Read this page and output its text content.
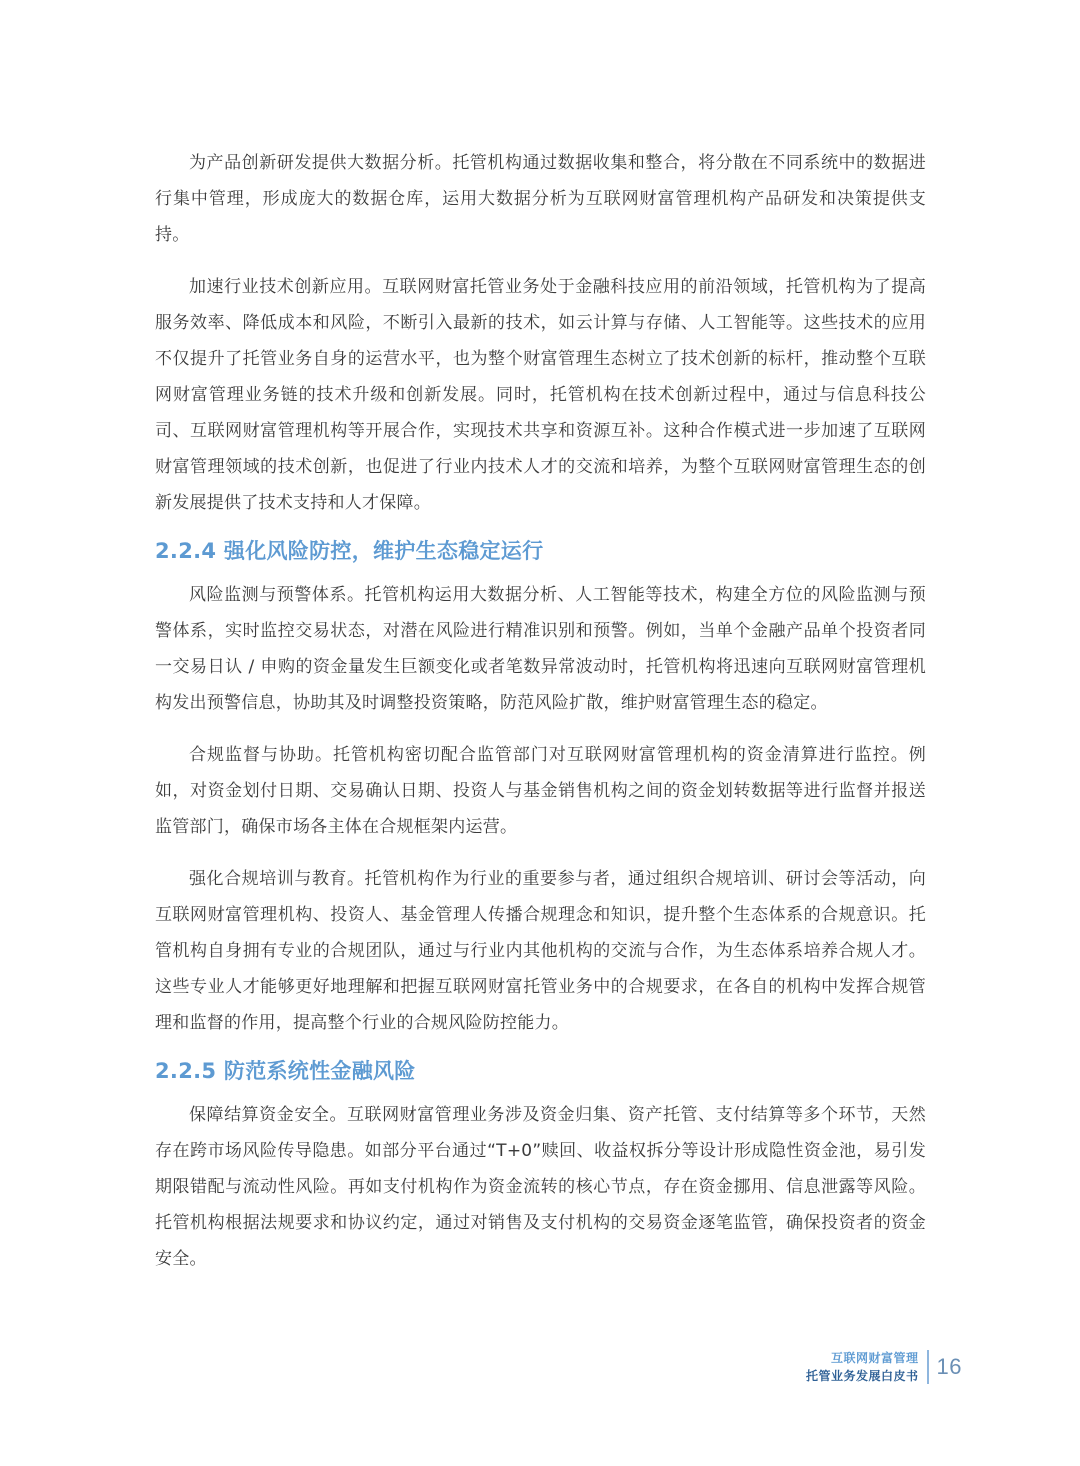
为产品创新研发提供大数据分析。托管机构通过数据收集和整合，将分散在不同系统中的数据进行集中管理，形成庞大的数据仓库，运用大数据分析为互联网财富管理机构产品研发和决策提供支持。

加速行业技术创新应用。互联网财富托管业务处于金融科技应用的前沿领域，托管机构为了提高服务效率、降低成本和风险，不断引入最新的技术，如云计算与存储、人工智能等。这些技术的应用不仅提升了托管业务自身的运营水平，也为整个财富管理生态树立了技术创新的标杆，推动整个互联网财富管理业务链的技术升级和创新发展。同时，托管机构在技术创新过程中，通过与信息科技公司、互联网财富管理机构等开展合作，实现技术共享和资源互补。这种合作模式进一步加速了互联网财富管理领域的技术创新，也促进了行业内技术人才的交流和培养，为整个互联网财富管理生态的创新发展提供了技术支持和人才保障。

2.2.4 强化风险防控，维护生态稳定运行

风险监测与预警体系。托管机构运用大数据分析、人工智能等技术，构建全方位的风险监测与预警体系，实时监控交易状态，对潜在风险进行精准识别和预警。例如，当单个金融产品单个投资者同一交易日认 / 申购的资金量发生巨额变化或者笔数异常波动时，托管机构将迅速向互联网财富管理机构发出预警信息，协助其及时调整投资策略，防范风险扩散，维护财富管理生态的稳定。

合规监督与协助。托管机构密切配合监管部门对互联网财富管理机构的资金清算进行监控。例如，对资金划付日期、交易确认日期、投资人与基金销售机构之间的资金划转数据等进行监督并报送监管部门，确保市场各主体在合规框架内运营。

强化合规培训与教育。托管机构作为行业的重要参与者，通过组织合规培训、研讨会等活动，向互联网财富管理机构、投资人、基金管理人传播合规理念和知识，提升整个生态体系的合规意识。托管机构自身拥有专业的合规团队，通过与行业内其他机构的交流与合作，为生态体系培养合规人才。这些专业人才能够更好地理解和把握互联网财富托管业务中的合规要求，在各自的机构中发挥合规管理和监督的作用，提高整个行业的合规风险防控能力。

2.2.5 防范系统性金融风险

保障结算资金安全。互联网财富管理业务涉及资金归集、资产托管、支付结算等多个环节，天然存在跨市场风险传导隐患。如部分平台通过“T+0”赎回、收益权拆分等设计形成隐性资金池，易引发期限错配与流动性风险。再如支付机构作为资金流转的核心节点，存在资金挪用、信息泄露等风险。托管机构根据法规要求和协议约定，通过对销售及支付机构的交易资金逐笔监管，确保投资者的资金安全。

互联网财富管理
托管业务发展白皮书 16
